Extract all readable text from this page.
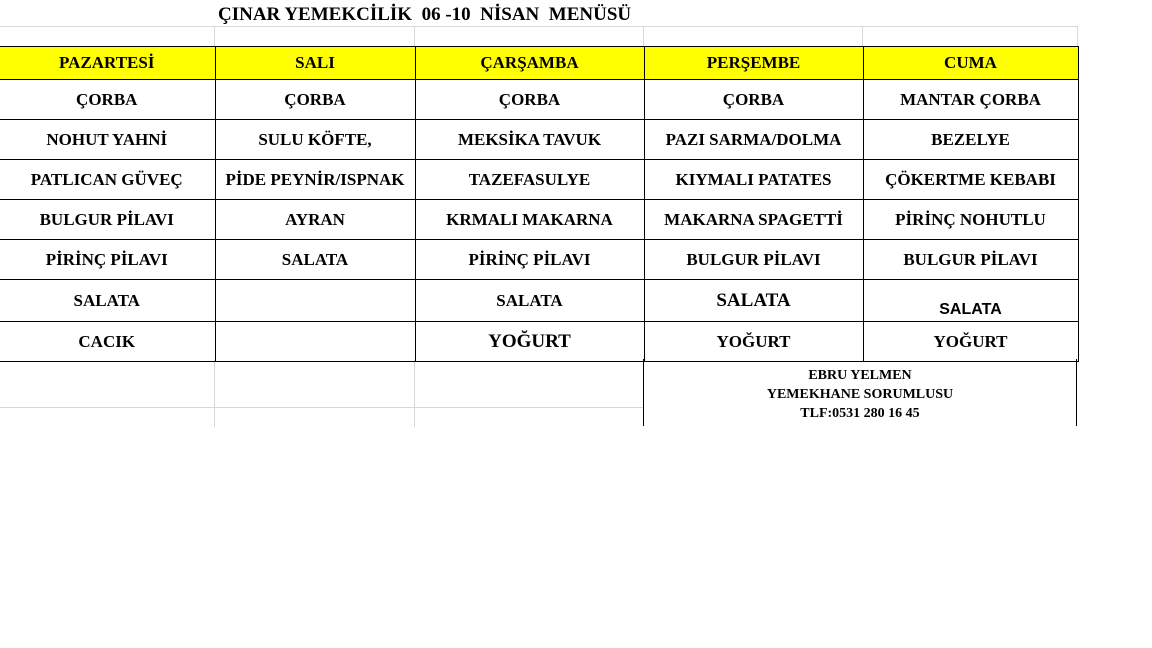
ÇINAR YEMEKCİLİK  06 -10  NİSAN  MENÜSÜ
PAZARTESİ	SALI	ÇARŞAMBA	PERŞEMBE	CUMA
ÇORBA	ÇORBA	ÇORBA	ÇORBA	MANTAR ÇORBA
NOHUT YAHNİ	SULU KÖFTE,	MEKSİKA TAVUK	PAZI SARMA/DOLMA	BEZELYE
PATLICAN GÜVEÇ	PİDE PEYNİR/ISPNAK	TAZEFASULYE	KIYMALI PATATES	ÇÖKERTME KEBABI
BULGUR PİLAVI	AYRAN	KRMALI MAKARNA	MAKARNA SPAGETTİ	PİRİNÇ NOHUTLU
PİRİNÇ PİLAVI	SALATA	PİRİNÇ PİLAVI	BULGUR PİLAVI	BULGUR PİLAVI
SALATA		SALATA	SALATA	SALATA
CACIK		YOĞURT	YOĞURT	YOĞURT
EBRU YELMEN
YEMEKHANE SORUMLUSU
TLF:0531 280 16 45
